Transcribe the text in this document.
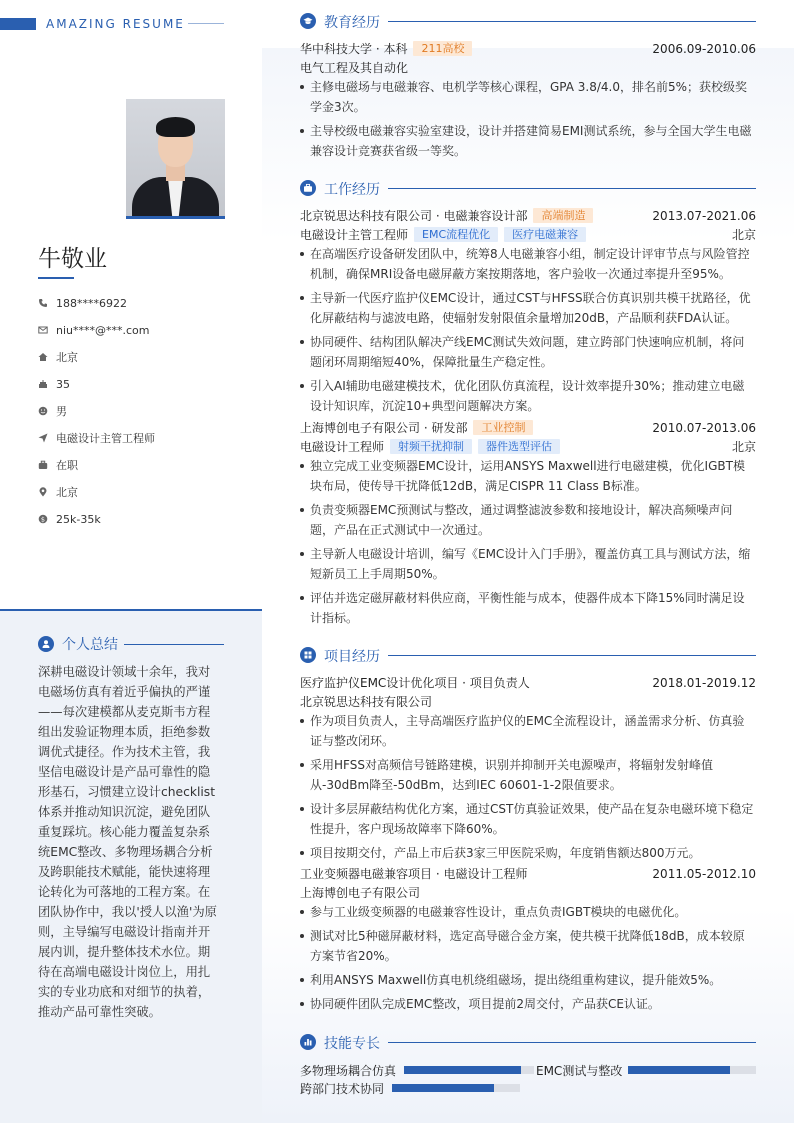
AMAZING RESUME
牛敬业
188****6922
niu****@***.com
北京
35
男
电磁设计主管工程师
在职
北京
$ 25k-35k
个人总结
深耕电磁设计领域十余年，我对电磁场仿真有着近乎偏执的严谨——每次建模都从麦克斯韦方程组出发验证物理本质，拒绝参数调优式捷径。作为技术主管，我坚信电磁设计是产品可靠性的隐形基石，习惯建立设计checklist体系并推动知识沉淀，避免团队重复踩坑。核心能力覆盖复杂系统EMC整改、多物理场耦合分析及跨职能技术赋能，能快速将理论转化为可落地的工程方案。在团队协作中，我以'授人以渔'为原则，主导编写电磁设计指南并开展内训，提升整体技术水位。期待在高端电磁设计岗位上，用扎实的专业功底和对细节的执着，推动产品可靠性突破。
教育经历
华中科技大学 · 本科	211高校	2006.09-2010.06
电气工程及其自动化
主修电磁场与电磁兼容、电机学等核心课程，GPA 3.8/4.0，排名前5%；获校级奖学金3次。
主导校级电磁兼容实验室建设，设计并搭建简易EMI测试系统，参与全国大学生电磁兼容设计竞赛获省级一等奖。
工作经历
北京锐思达科技有限公司 · 电磁兼容设计部	高端制造	2013.07-2021.06
电磁设计主管工程师	EMC流程优化	医疗电磁兼容	北京
在高端医疗设备研发团队中，统筹8人电磁兼容小组，制定设计评审节点与风险管控机制，确保MRI设备电磁屏蔽方案按期落地，客户验收一次通过率提升至95%。
主导新一代医疗监护仪EMC设计，通过CST与HFSS联合仿真识别共模干扰路径，优化屏蔽结构与滤波电路，使辐射发射限值余量增加20dB，产品顺利获FDA认证。
协同硬件、结构团队解决产线EMC测试失效问题，建立跨部门快速响应机制，将问题闭环周期缩短40%，保障批量生产稳定性。
引入AI辅助电磁建模技术，优化团队仿真流程，设计效率提升30%；推动建立电磁设计知识库，沉淀10+典型问题解决方案。
上海博创电子有限公司 · 研发部	工业控制	2010.07-2013.06
电磁设计工程师	射频干扰抑制	器件选型评估	北京
独立完成工业变频器EMC设计，运用ANSYS Maxwell进行电磁建模，优化IGBT模块布局，使传导干扰降低12dB，满足CISPR 11 Class B标准。
负责变频器EMC预测试与整改，通过调整滤波参数和接地设计，解决高频噪声问题，产品在正式测试中一次通过。
主导新人电磁设计培训，编写《EMC设计入门手册》，覆盖仿真工具与测试方法，缩短新员工上手周期50%。
评估并选定磁屏蔽材料供应商，平衡性能与成本，使器件成本下降15%同时满足设计指标。
项目经历
医疗监护仪EMC设计优化项目 · 项目负责人	2018.01-2019.12
北京锐思达科技有限公司
作为项目负责人，主导高端医疗监护仪的EMC全流程设计，涵盖需求分析、仿真验证与整改闭环。
采用HFSS对高频信号链路建模，识别并抑制开关电源噪声，将辐射发射峰值从-30dBm降至-50dBm，达到IEC 60601-1-2限值要求。
设计多层屏蔽结构优化方案，通过CST仿真验证效果，使产品在复杂电磁环境下稳定性提升，客户现场故障率下降60%。
项目按期交付，产品上市后获3家三甲医院采购，年度销售额达800万元。
工业变频器电磁兼容项目 · 电磁设计工程师	2011.05-2012.10
上海博创电子有限公司
参与工业级变频器的电磁兼容性设计，重点负责IGBT模块的电磁优化。
测试对比5种磁屏蔽材料，选定高导磁合金方案，使共模干扰降低18dB，成本较原方案节省20%。
利用ANSYS Maxwell仿真电机绕组磁场，提出绕组重构建议，提升能效5%。
协同硬件团队完成EMC整改，项目提前2周交付，产品获CE认证。
技能专长
多物理场耦合仿真	EMC测试与整改
跨部门技术协同
